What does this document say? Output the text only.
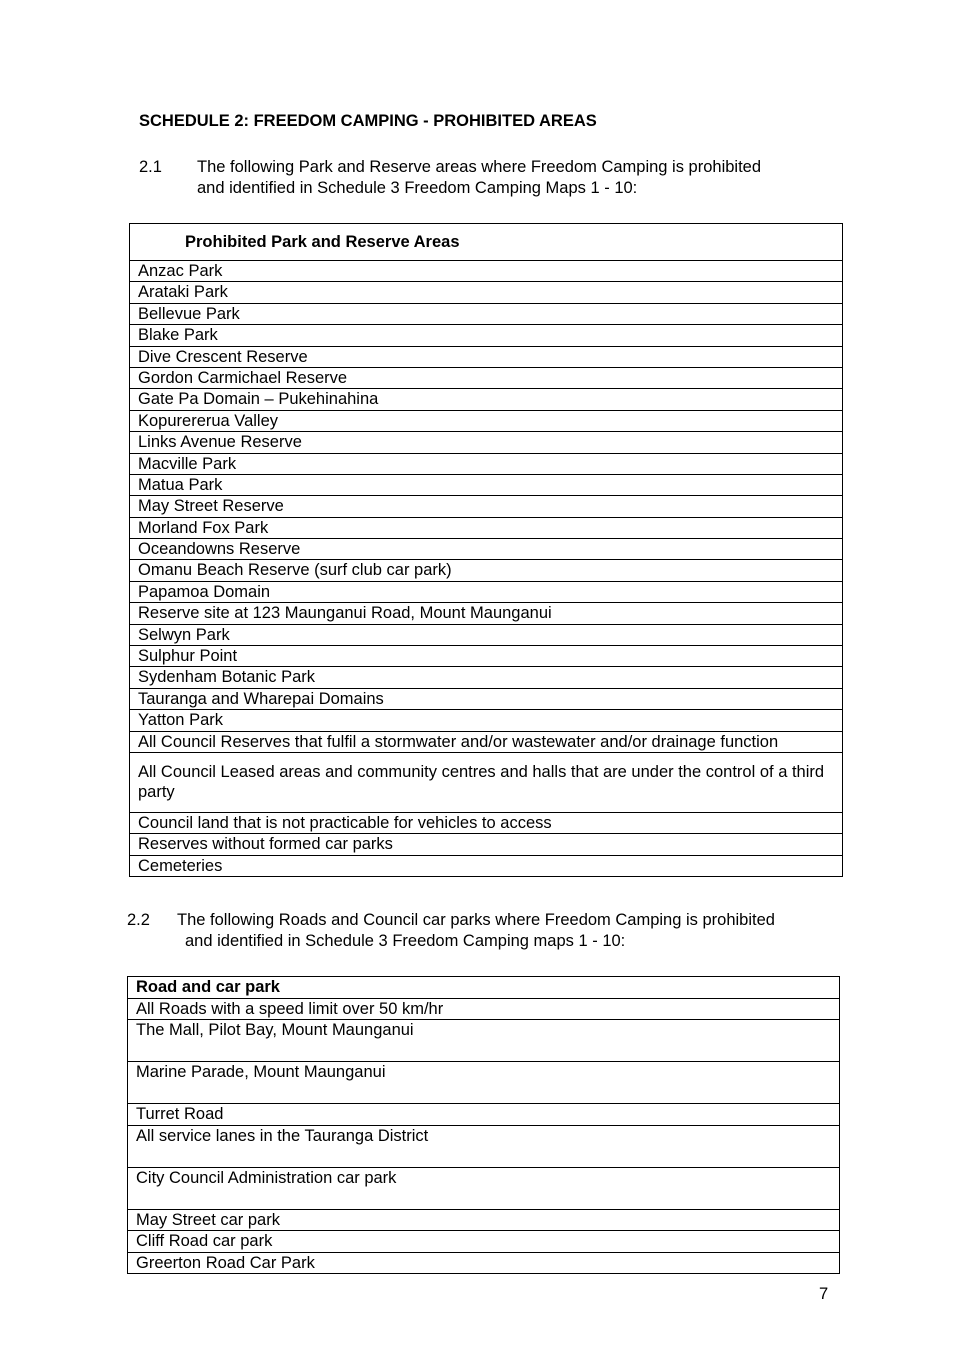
SCHEDULE 2: FREEDOM CAMPING - PROHIBITED AREAS
2.1 The following Park and Reserve areas where Freedom Camping is prohibited
and identified in Schedule 3 Freedom Camping Maps 1 - 10:
Prohibited Park and Reserve Areas
Anzac Park
Arataki Park
Bellevue Park
Blake Park
Dive Crescent Reserve
Gordon Carmichael Reserve
Gate Pa Domain – Pukehinahina
Kopurererua Valley
Links Avenue Reserve
Macville Park
Matua Park
May Street Reserve
Morland Fox Park
Oceandowns Reserve
Omanu Beach Reserve (surf club car park)
Papamoa Domain
Reserve site at 123 Maunganui Road, Mount Maunganui
Selwyn Park
Sulphur Point
Sydenham Botanic Park
Tauranga and Wharepai Domains
Yatton Park
All Council Reserves that fulfil a stormwater and/or wastewater and/or drainage function
All Council Leased areas and community centres and halls that are under the control of a third party
Council land that is not practicable for vehicles to access
Reserves without formed car parks
Cemeteries
2.2 The following Roads and Council car parks where Freedom Camping is prohibited
and identified in Schedule 3 Freedom Camping maps 1 - 10:
Road and car park
All Roads with a speed limit over 50 km/hr
The Mall, Pilot Bay, Mount Maunganui
Marine Parade, Mount Maunganui
Turret Road
All service lanes in the Tauranga District
City Council Administration car park
May Street car park
Cliff Road car park
Greerton Road Car Park
7
